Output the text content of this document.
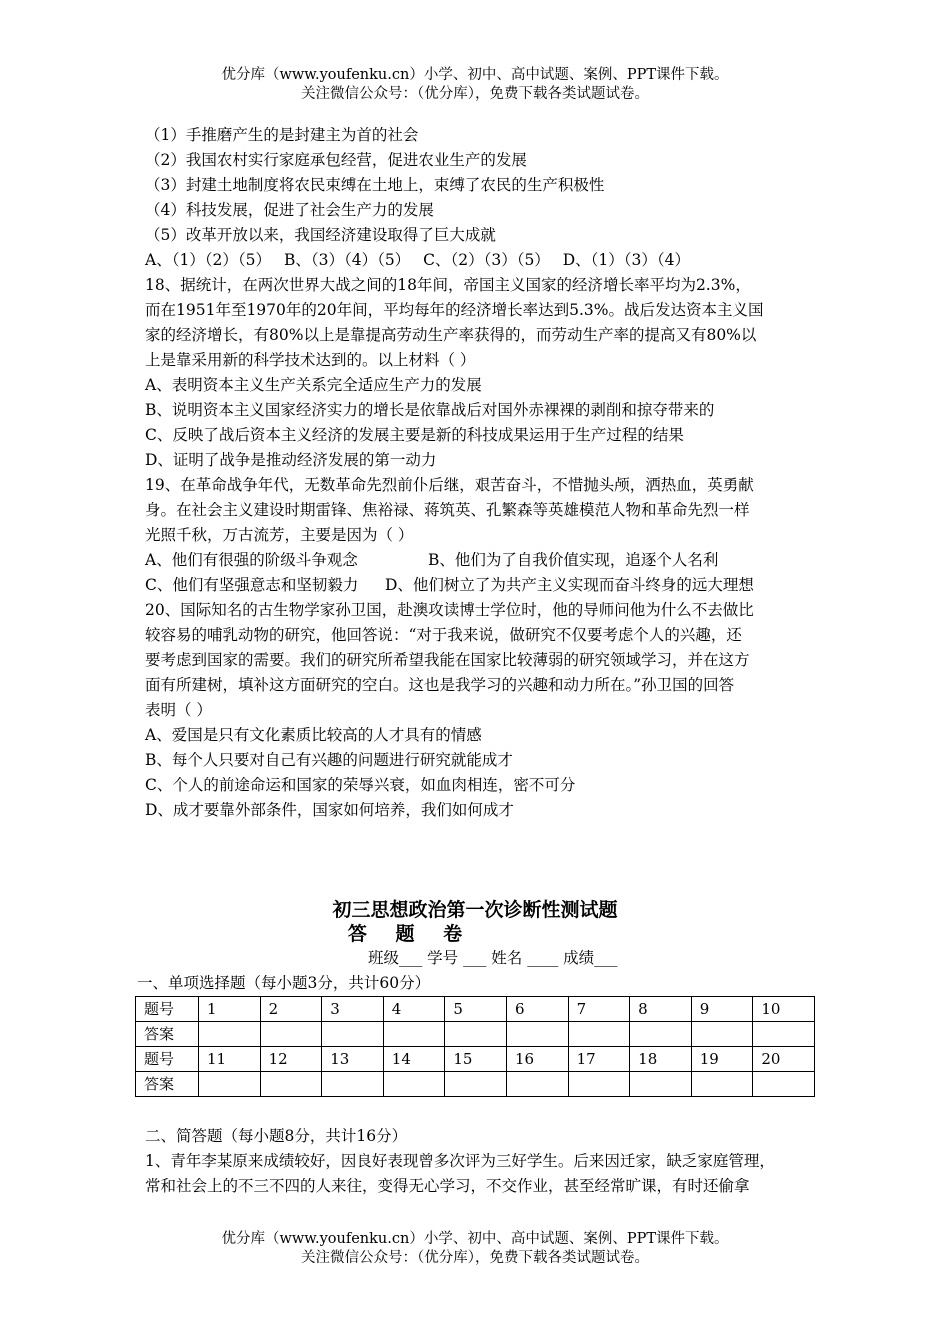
优分库（www.youfenku.cn）小学、初中、高中试题、案例、PPT课件下载。
关注微信公众号：（优分库），免费下载各类试题试卷。
（1）手推磨产生的是封建主为首的社会
（2）我国农村实行家庭承包经营，促进农业生产的发展
（3）封建土地制度将农民束缚在土地上，束缚了农民的生产积极性
（4）科技发展，促进了社会生产力的发展
（5）改革开放以来，我国经济建设取得了巨大成就
A、（1）（2）（5） B、（3）（4）（5） C、（2）（3）（5） D、（1）（3）（4）
18、据统计，在两次世界大战之间的18年间，帝国主义国家的经济增长率平均为2.3%，
而在1951年至1970年的20年间，平均每年的经济增长率达到5.3%。战后发达资本主义国
家的经济增长，有80%以上是靠提高劳动生产率获得的，而劳动生产率的提高又有80%以
上是靠采用新的科学技术达到的。以上材料（ ）
A、表明资本主义生产关系完全适应生产力的发展
B、说明资本主义国家经济实力的增长是依靠战后对国外赤裸裸的剥削和掠夺带来的
C、反映了战后资本主义经济的发展主要是新的科技成果运用于生产过程的结果
D、证明了战争是推动经济发展的第一动力
19、在革命战争年代，无数革命先烈前仆后继，艰苦奋斗，不惜抛头颅，洒热血，英勇献
身。在社会主义建设时期雷锋、焦裕禄、蒋筑英、孔繁森等英雄模范人物和革命先烈一样
光照千秋，万古流芳，主要是因为（ ）
A、他们有很强的阶级斗争观念	B、他们为了自我价值实现，追逐个人名利
C、他们有坚强意志和坚韧毅力 D、他们树立了为共产主义实现而奋斗终身的远大理想
20、国际知名的古生物学家孙卫国，赴澳攻读博士学位时，他的导师问他为什么不去做比
较容易的哺乳动物的研究，他回答说：“对于我来说，做研究不仅要考虑个人的兴趣，还
要考虑到国家的需要。我们的研究所希望我能在国家比较薄弱的研究领域学习，并在这方
面有所建树，填补这方面研究的空白。这也是我学习的兴趣和动力所在。”孙卫国的回答
表明（ ）
A、爱国是只有文化素质比较高的人才具有的情感
B、每个人只要对自己有兴趣的问题进行研究就能成才
C、个人的前途命运和国家的荣辱兴衰，如血肉相连，密不可分
D、成才要靠外部条件，国家如何培养，我们如何成才
初三思想政治第一次诊断性测试题
答 题 卷
班级___ 学号 ___ 姓名 ____ 成绩___
一、单项选择题（每小题3分，共计60分）
题号	1	2	3	4	5	6	7	8	9	10
答案										
题号	11	12	13	14	15	16	17	18	19	20
答案										
二、简答题（每小题8分，共计16分）
1、青年李某原来成绩较好，因良好表现曾多次评为三好学生。后来因迁家，缺乏家庭管理，
常和社会上的不三不四的人来往，变得无心学习，不交作业，甚至经常旷课，有时还偷拿
优分库（www.youfenku.cn）小学、初中、高中试题、案例、PPT课件下载。
关注微信公众号：（优分库），免费下载各类试题试卷。
